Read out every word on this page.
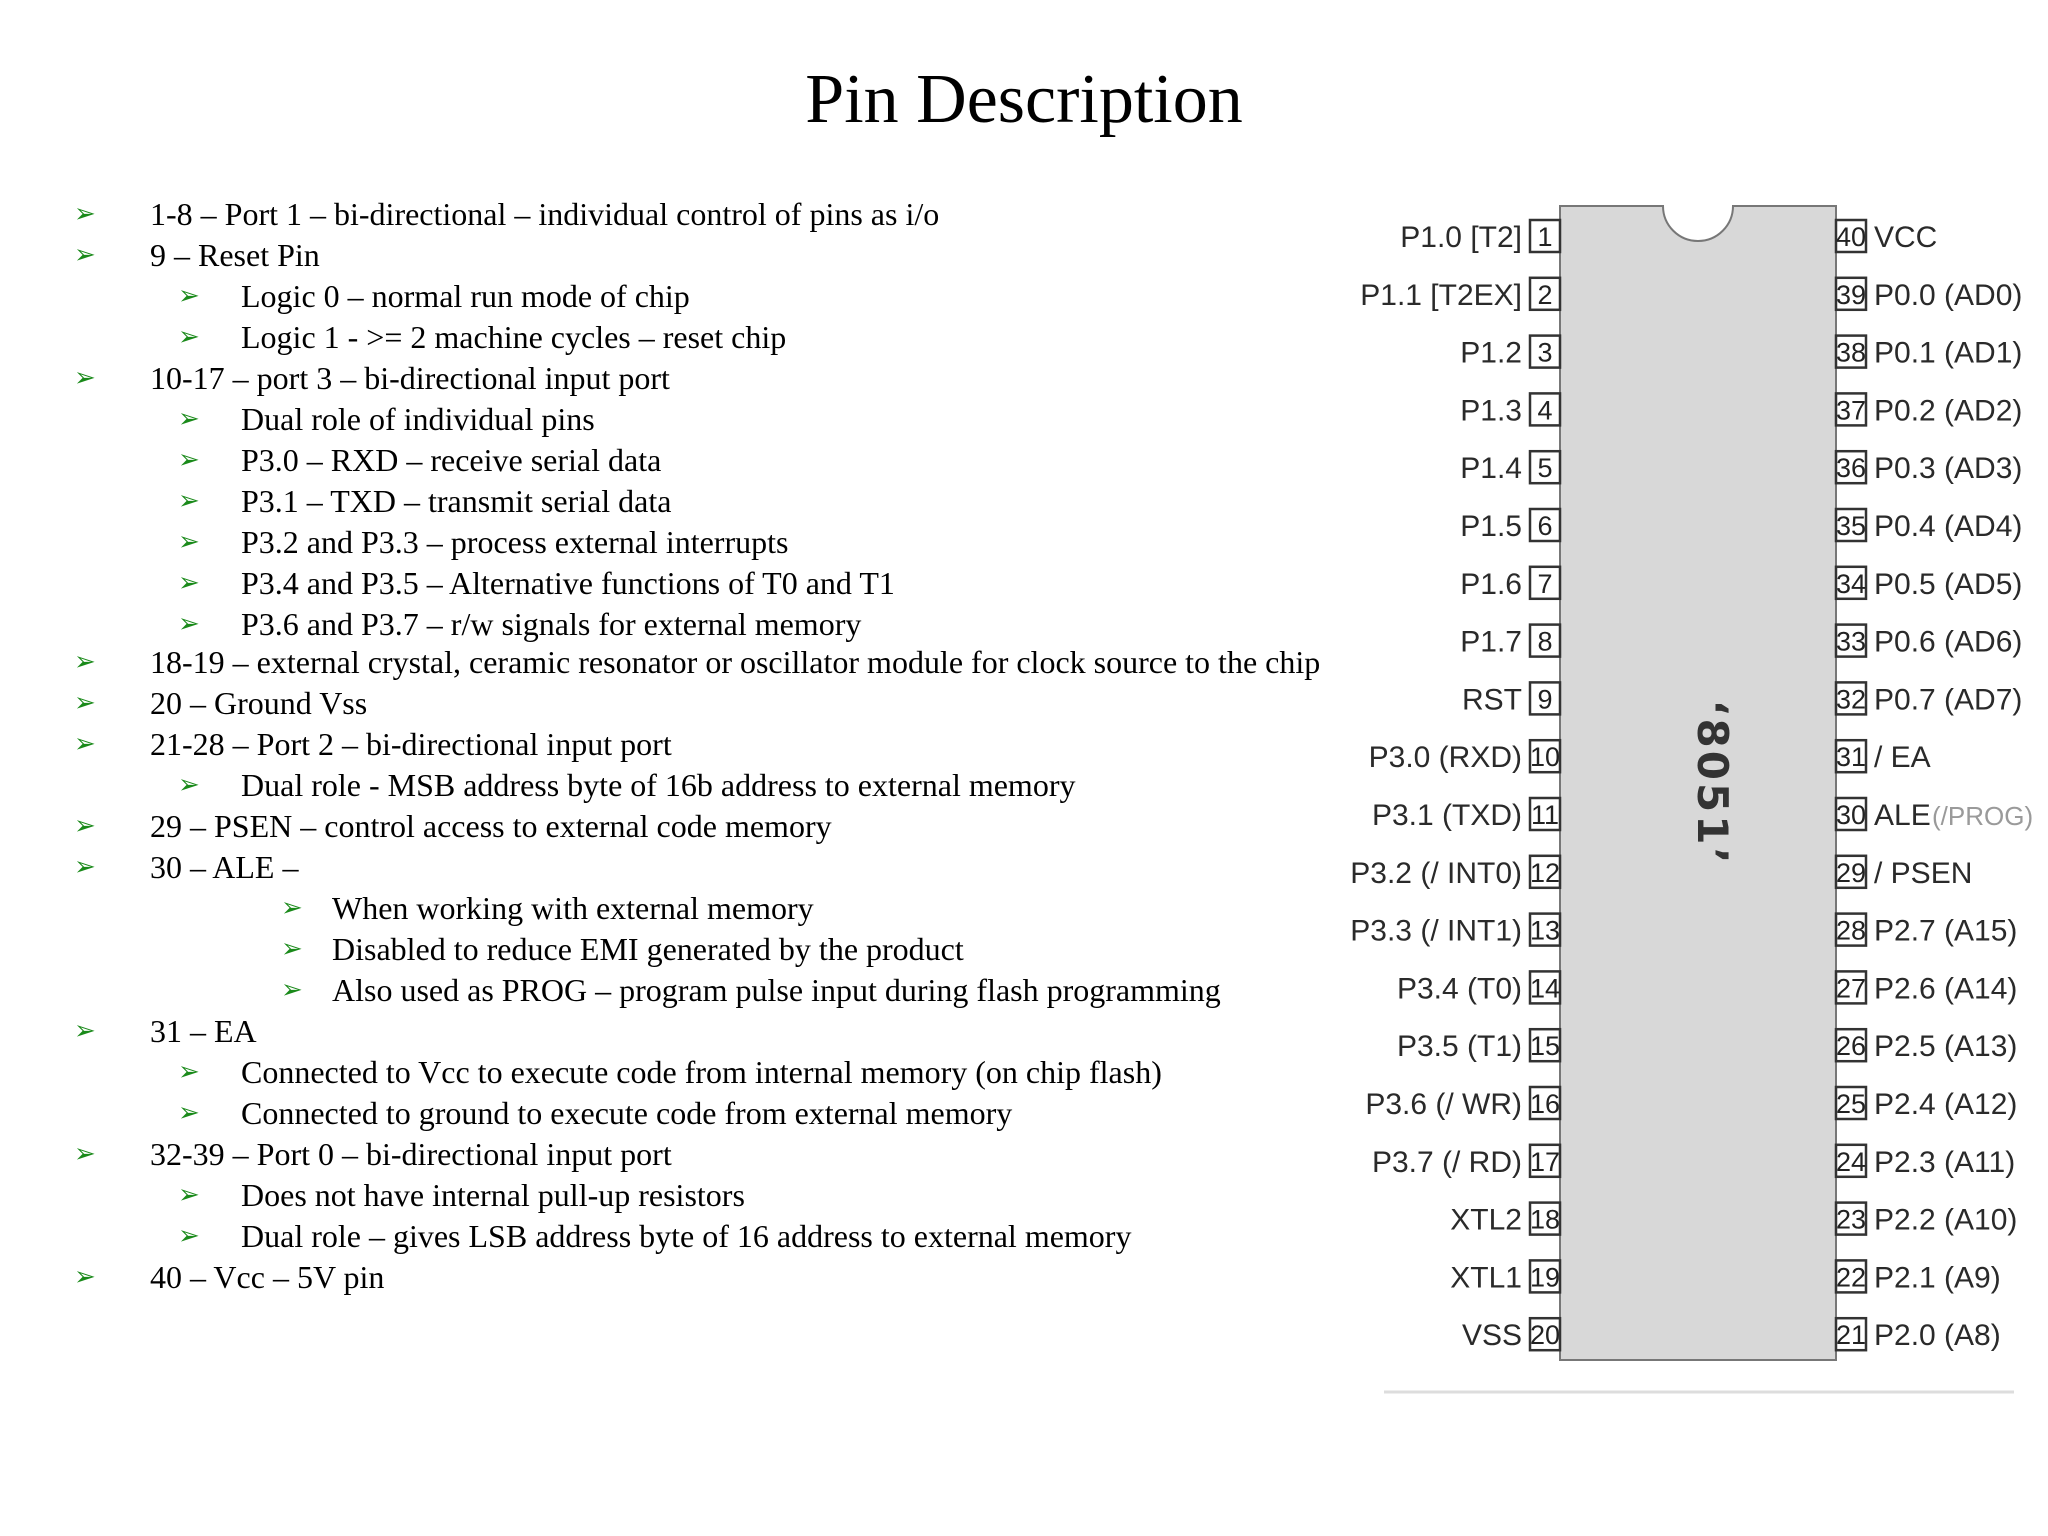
Pin Description
➢ 1-8 – Port 1 – bi-directional – individual control of pins as i/o
➢ 9 – Reset Pin
➢ Logic 0 – normal run mode of chip
➢ Logic 1 - >= 2 machine cycles – reset chip
➢ 10-17 – port 3 – bi-directional input port
➢ Dual role of individual pins
➢ P3.0 – RXD – receive serial data
➢ P3.1 – TXD – transmit serial data
➢ P3.2 and P3.3 – process external interrupts
➢ P3.4 and P3.5 – Alternative functions of T0 and T1
➢ P3.6 and P3.7 – r/w signals for external memory
➢ 18-19 – external crystal, ceramic resonator or oscillator module for clock source to the chip
➢ 20 – Ground Vss
➢ 21-28 – Port 2 – bi-directional input port
➢ Dual role - MSB address byte of 16b address to external memory
➢ 29 – PSEN – control access to external code memory
➢ 30 – ALE –
➢ When working with external memory
➢ Disabled to reduce EMI generated by the product
➢ Also used as PROG – program pulse input during flash programming
➢ 31 – EA
➢ Connected to Vcc to execute code from internal memory (on chip flash)
➢ Connected to ground to execute code from external memory
➢ 32-39 – Port 0 – bi-directional input port
➢ Does not have internal pull-up resistors
➢ Dual role – gives LSB address byte of 16 address to external memory
➢ 40 – Vcc – 5V pin
‘8051’
1
P1.0 [T2]
2
P1.1 [T2EX]
3
P1.2
4
P1.3
5
P1.4
6
P1.5
7
P1.6
8
P1.7
9
RST
10
P3.0 (RXD)
11
P3.1 (TXD)
12
P3.2 (/ INT0)
13
P3.3 (/ INT1)
14
P3.4 (T0)
15
P3.5 (T1)
16
P3.6 (/ WR)
17
P3.7 (/ RD)
18
XTL2
19
XTL1
20
VSS
40 VCC
39 P0.0 (AD0)
38 P0.1 (AD1)
37 P0.2 (AD2)
36 P0.3 (AD3)
35 P0.4 (AD4)
34 P0.5 (AD5)
33 P0.6 (AD6)
32 P0.7 (AD7)
31 / EA
30 ALE (/PROG)
29 / PSEN
28 P2.7 (A15)
27 P2.6 (A14)
26 P2.5 (A13)
25 P2.4 (A12)
24 P2.3 (A11)
23 P2.2 (A10)
22 P2.1 (A9)
21 P2.0 (A8)
